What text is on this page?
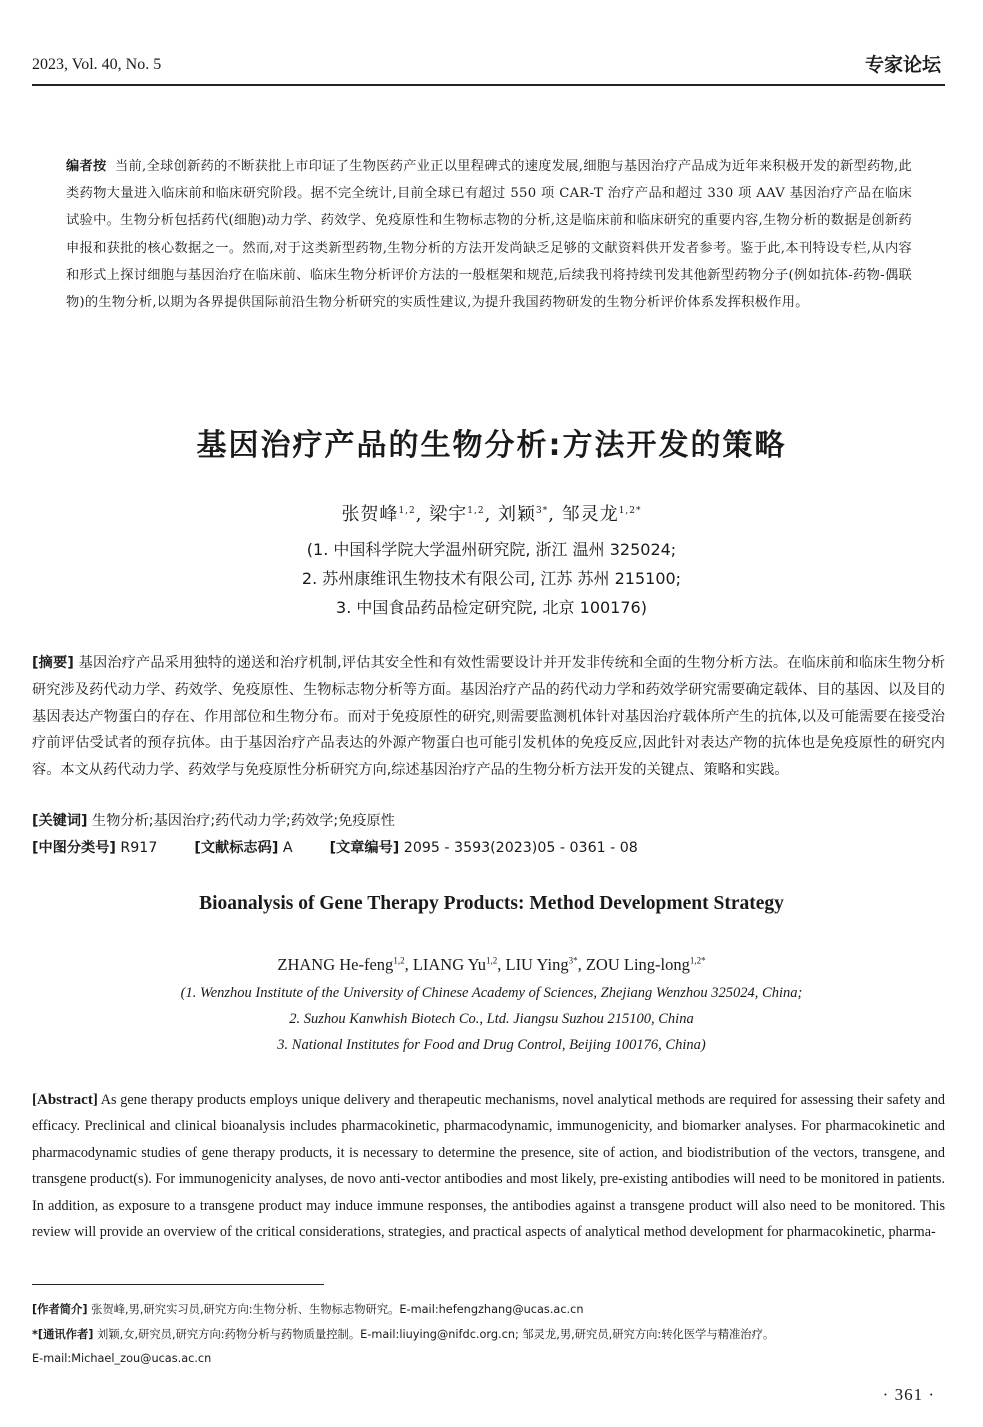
2023, Vol. 40, No. 5	专家论坛
编者按 当前,全球创新药的不断获批上市印证了生物医药产业正以里程碑式的速度发展,细胞与基因治疗产品成为近年来积极开发的新型药物,此类药物大量进入临床前和临床研究阶段。据不完全统计,目前全球已有超过 550 项 CAR-T 治疗产品和超过 330 项 AAV 基因治疗产品在临床试验中。生物分析包括药代(细胞)动力学、药效学、免疫原性和生物标志物的分析,这是临床前和临床研究的重要内容,生物分析的数据是创新药申报和获批的核心数据之一。然而,对于这类新型药物,生物分析的方法开发尚缺乏足够的文献资料供开发者参考。鉴于此,本刊特设专栏,从内容和形式上探讨细胞与基因治疗在临床前、临床生物分析评价方法的一般框架和规范,后续我刊将持续刊发其他新型药物分子(例如抗体-药物-偶联物)的生物分析,以期为各界提供国际前沿生物分析研究的实质性建议,为提升我国药物研发的生物分析评价体系发挥积极作用。
基因治疗产品的生物分析:方法开发的策略
张贺峰$^{1,2}$, 梁宇$^{1,2}$, 刘颖$^{3*}$, 邹灵龙$^{1,2*}$
(1. 中国科学院大学温州研究院, 浙江 温州 325024;
2. 苏州康维讯生物技术有限公司, 江苏 苏州 215100;
3. 中国食品药品检定研究院, 北京 100176)
[摘要] 基因治疗产品采用独特的递送和治疗机制,评估其安全性和有效性需要设计并开发非传统和全面的生物分析方法。在临床前和临床生物分析研究涉及药代动力学、药效学、免疫原性、生物标志物分析等方面。基因治疗产品的药代动力学和药效学研究需要确定载体、目的基因、以及目的基因表达产物蛋白的存在、作用部位和生物分布。而对于免疫原性的研究,则需要监测机体针对基因治疗载体所产生的抗体,以及可能需要在接受治疗前评估受试者的预存抗体。由于基因治疗产品表达的外源产物蛋白也可能引发机体的免疫反应,因此针对表达产物的抗体也是免疫原性的研究内容。本文从药代动力学、药效学与免疫原性分析研究方向,综述基因治疗产品的生物分析方法开发的关键点、策略和实践。
[关键词] 生物分析;基因治疗;药代动力学;药效学;免疫原性
[中图分类号] R917	[文献标志码] A	[文章编号] 2095 - 3593(2023)05 - 0361 - 08
Bioanalysis of Gene Therapy Products: Method Development Strategy
ZHANG He-feng$^{1,2}$, LIANG Yu$^{1,2}$, LIU Ying$^{3*}$, ZOU Ling-long$^{1,2*}$
(1. Wenzhou Institute of the University of Chinese Academy of Sciences, Zhejiang Wenzhou 325024, China;
2. Suzhou Kanwhish Biotech Co., Ltd. Jiangsu Suzhou 215100, China
3. National Institutes for Food and Drug Control, Beijing 100176, China)
[Abstract] As gene therapy products employs unique delivery and therapeutic mechanisms, novel analytical methods are required for assessing their safety and efficacy. Preclinical and clinical bioanalysis includes pharmacokinetic, pharmacodynamic, immunogenicity, and biomarker analyses. For pharmacokinetic and pharmacodynamic studies of gene therapy products, it is necessary to determine the presence, site of action, and biodistribution of the vectors, transgene, and transgene product(s). For immunogenicity analyses, de novo anti-vector antibodies and most likely, pre-existing antibodies will need to be monitored in patients. In addition, as exposure to a transgene product may induce immune responses, the antibodies against a transgene product will also need to be monitored. This review will provide an overview of the critical considerations, strategies, and practical aspects of analytical method development for pharmacokinetic, pharma-
[作者简介] 张贺峰,男,研究实习员,研究方向:生物分析、生物标志物研究。E-mail:hefengzhang@ucas.ac.cn
*[通讯作者] 刘颖,女,研究员,研究方向:药物分析与药物质量控制。E-mail:liuying@nifdc.org.cn; 邹灵龙,男,研究员,研究方向:转化医学与精准治疗。
E-mail:Michael_zou@ucas.ac.cn
· 361 ·
